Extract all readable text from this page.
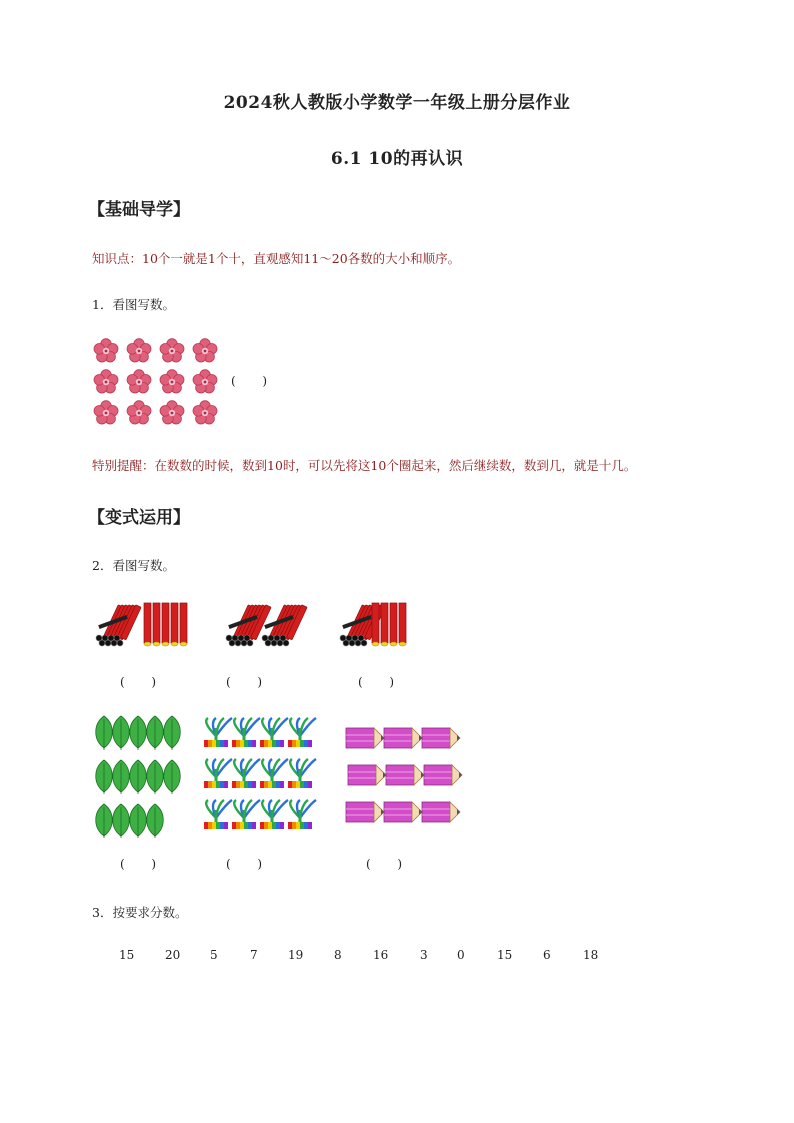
2024秋人教版小学数学一年级上册分层作业
6.1 10的再认识
【基础导学】
知识点：10个一就是1个十，直观感知11～20各数的大小和顺序。
1．看图写数。
(       )
特别提醒：在数数的时候，数到10时，可以先将这10个圈起来，然后继续数，数到几，就是十几。
【变式运用】
2．看图写数。
(       )	(       )	(       )
(       )	(       )	(       )
3．按要求分数。
15	20 5	7	19	8	16	3 0	15	6	18
